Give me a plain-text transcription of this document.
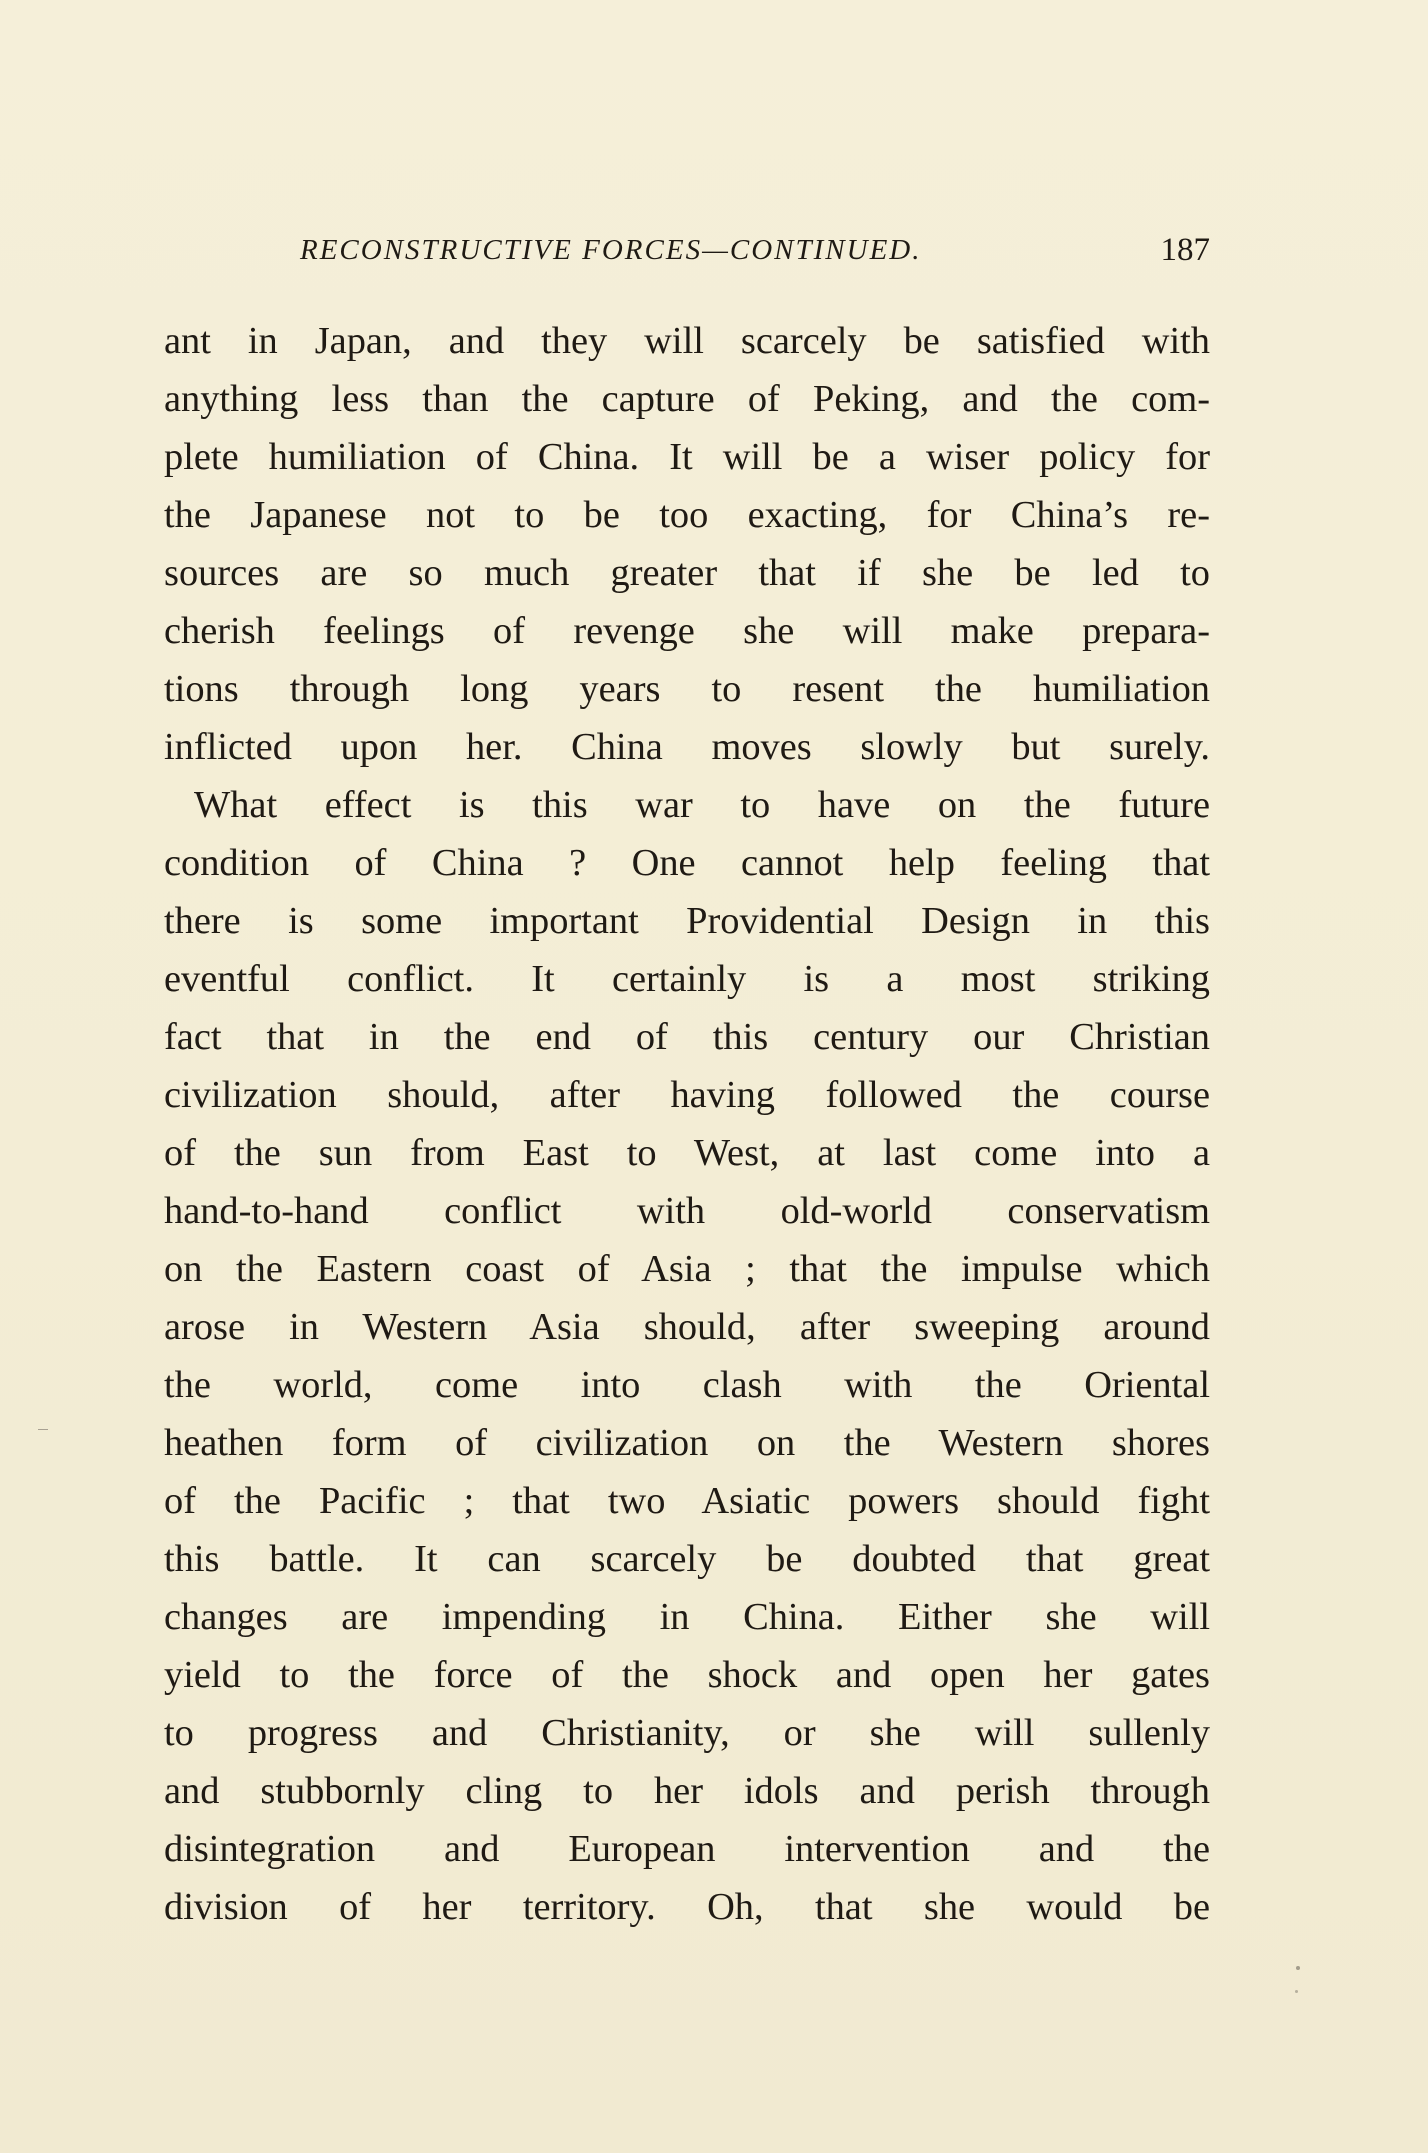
RECONSTRUCTIVE FORCES—CONTINUED.	187
ant in Japan, and they will scarcely be satisfied with
anything less than the capture of Peking, and the com-
plete humiliation of China. It will be a wiser policy for
the Japanese not to be too exacting, for China’s re-
sources are so much greater that if she be led to
cherish feelings of revenge she will make prepara-
tions through long years to resent the humiliation
inflicted upon her. China moves slowly but surely.
What effect is this war to have on the future
condition of China ? One cannot help feeling that
there is some important Providential Design in this
eventful conflict. It certainly is a most striking
fact that in the end of this century our Christian
civilization should, after having followed the course
of the sun from East to West, at last come into a
hand-to-hand conflict with old-world conservatism
on the Eastern coast of Asia ; that the impulse which
arose in Western Asia should, after sweeping around
the world, come into clash with the Oriental
heathen form of civilization on the Western shores
of the Pacific ; that two Asiatic powers should fight
this battle. It can scarcely be doubted that great
changes are impending in China. Either she will
yield to the force of the shock and open her gates
to progress and Christianity, or she will sullenly
and stubbornly cling to her idols and perish through
disintegration and European intervention and the
division of her territory. Oh, that she would be
